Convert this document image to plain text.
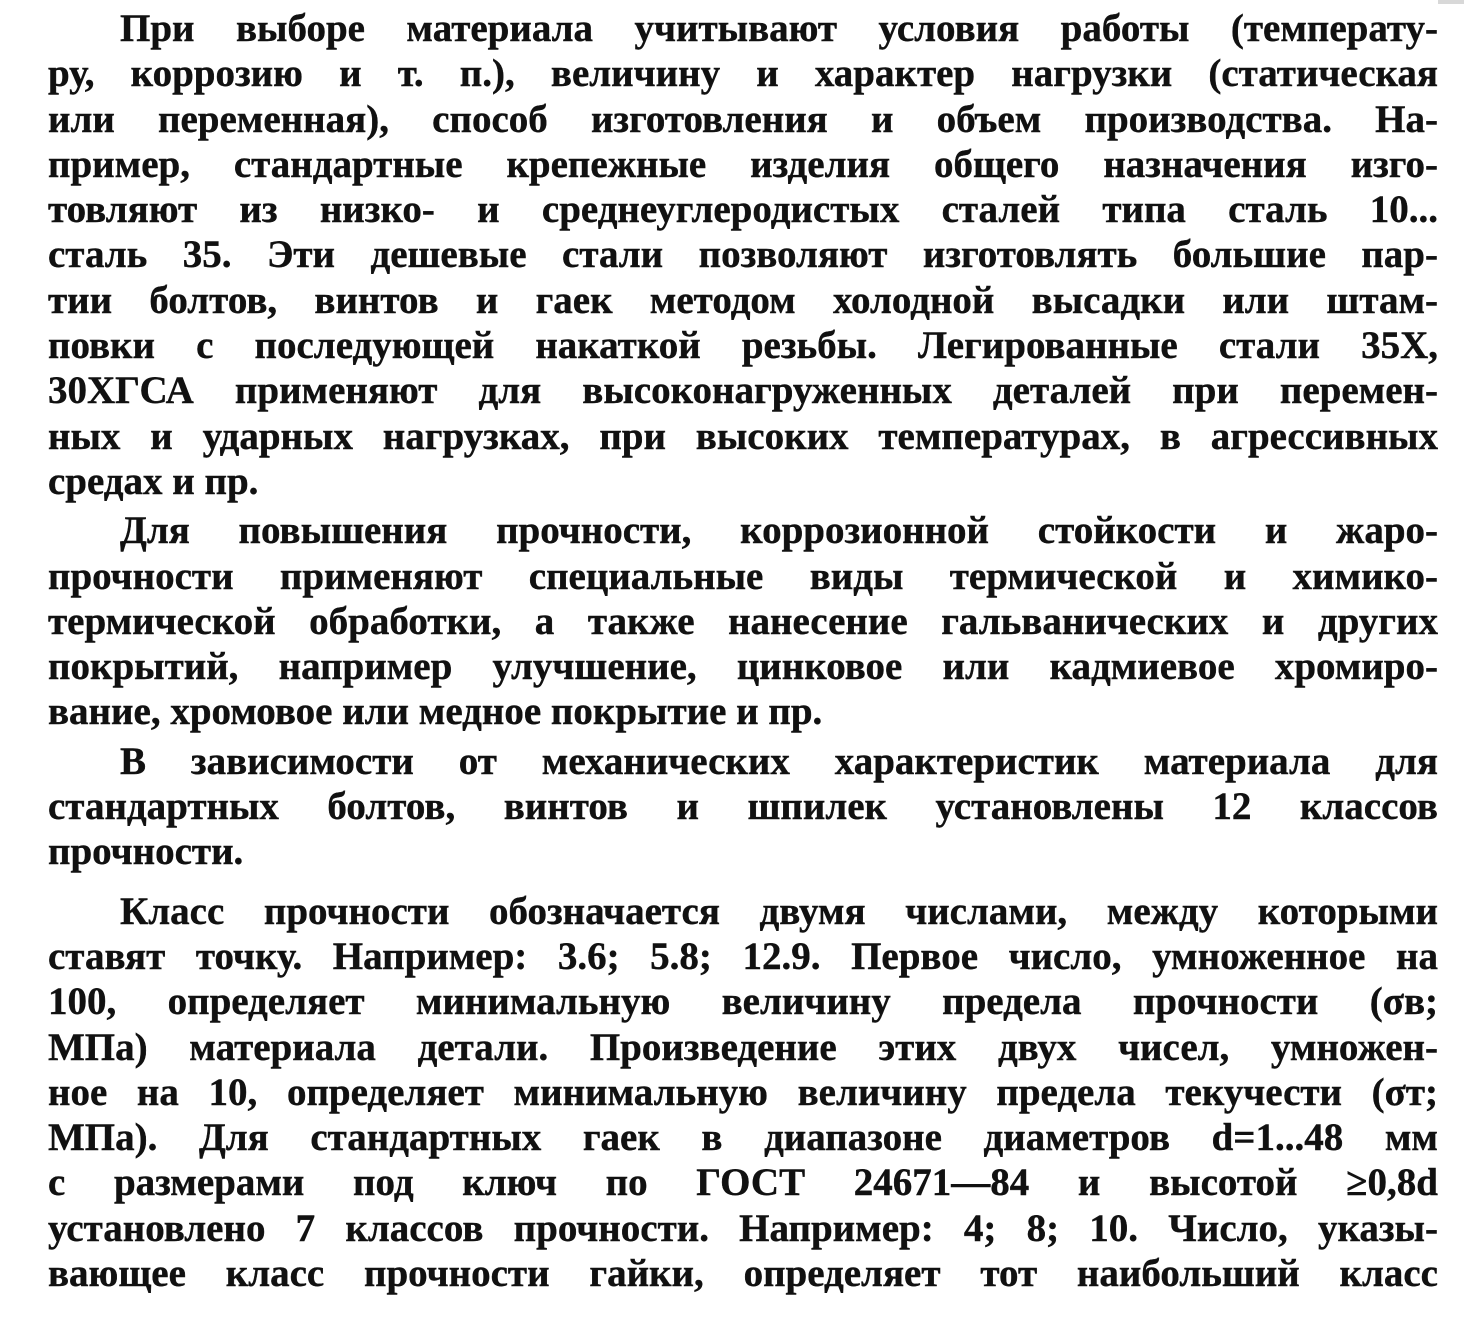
При выборе материала учитывают условия работы (температу-
ру, коррозию и т. п.), величину и характер нагрузки (статическая
или переменная), способ изготовления и объем производства. На-
пример, стандартные крепежные изделия общего назначения изго-
товляют из низко- и среднеуглеродистых сталей типа сталь 10...
сталь 35. Эти дешевые стали позволяют изготовлять большие пар-
тии болтов, винтов и гаек методом холодной высадки или штам-
повки с последующей накаткой резьбы. Легированные стали 35Х,
30ХГСА применяют для высоконагруженных деталей при перемен-
ных и ударных нагрузках, при высоких температурах, в агрессивных
средах и пр.
Для повышения прочности, коррозионной стойкости и жаро-
прочности применяют специальные виды термической и химико-
термической обработки, а также нанесение гальванических и других
покрытий, например улучшение, цинковое или кадмиевое хромиро-
вание, хромовое или медное покрытие и пр.
В зависимости от механических характеристик материала для
стандартных болтов, винтов и шпилек установлены 12 классов
прочности.
Класс прочности обозначается двумя числами, между которыми
ставят точку. Например: 3.6; 5.8; 12.9. Первое число, умноженное на
100, определяет минимальную величину предела прочности (σв;
МПа) материала детали. Произведение этих двух чисел, умножен-
ное на 10, определяет минимальную величину предела текучести (σт;
МПа). Для стандартных гаек в диапазоне диаметров d=1...48 мм
с размерами под ключ по ГОСТ 24671—84 и высотой ≥0,8d
установлено 7 классов прочности. Например: 4; 8; 10. Число, указы-
вающее класс прочности гайки, определяет тот наибольший класс
